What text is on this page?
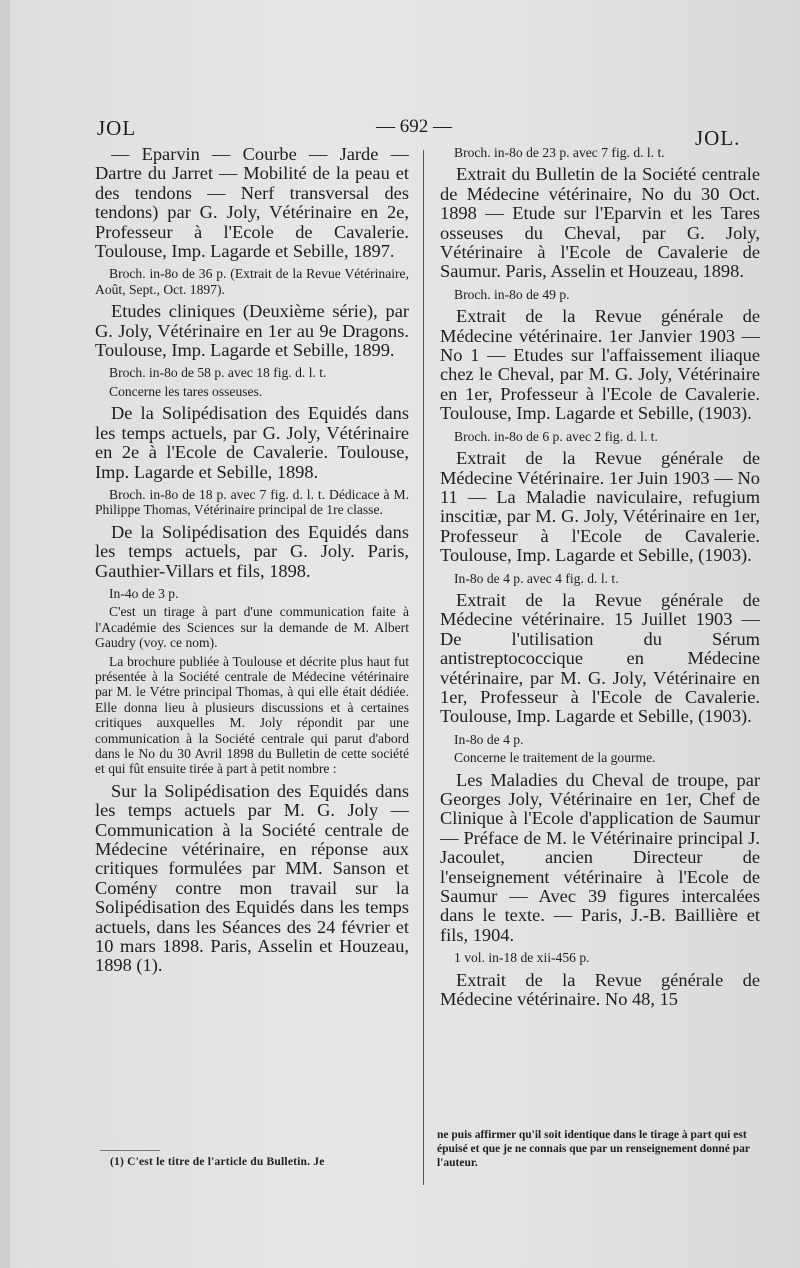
JOL	— 692 —	JOL.

— Eparvin — Courbe — Jarde — Dartre du Jarret — Mobilité de la peau et des tendons — Nerf transversal des tendons) par G. Joly, Vétérinaire en 2e, Professeur à l'Ecole de Cavalerie. Toulouse, Imp. Lagarde et Sebille, 1897.

Broch. in-8o de 36 p. (Extrait de la Revue Vétérinaire, Août, Sept., Oct. 1897).

Etudes cliniques (Deuxième série), par G. Joly, Vétérinaire en 1er au 9e Dragons. Toulouse, Imp. Lagarde et Sebille, 1899.

Broch. in-8o de 58 p. avec 18 fig. d. l. t.

Concerne les tares osseuses.

De la Solipédisation des Equidés dans les temps actuels, par G. Joly, Vétérinaire en 2e à l'Ecole de Cavalerie. Toulouse, Imp. Lagarde et Sebille, 1898.

Broch. in-8o de 18 p. avec 7 fig. d. l. t. Dédicace à M. Philippe Thomas, Vétérinaire principal de 1re classe.

De la Solipédisation des Equidés dans les temps actuels, par G. Joly. Paris, Gauthier-Villars et fils, 1898.

In-4o de 3 p.

C'est un tirage à part d'une communication faite à l'Académie des Sciences sur la demande de M. Albert Gaudry (voy. ce nom).

La brochure publiée à Toulouse et décrite plus haut fut présentée à la Société centrale de Médecine vétérinaire par M. le Vétre principal Thomas, à qui elle était dédiée. Elle donna lieu à plusieurs discussions et à certaines critiques auxquelles M. Joly répondit par une communication à la Société centrale qui parut d'abord dans le No du 30 Avril 1898 du Bulletin de cette société et qui fût ensuite tirée à part à petit nombre :

Sur la Solipédisation des Equidés dans les temps actuels par M. G. Joly — Communication à la Société centrale de Médecine vétérinaire, en réponse aux critiques formulées par MM. Sanson et Comény contre mon travail sur la Solipédisation des Equidés dans les temps actuels, dans les Séances des 24 février et 10 mars 1898. Paris, Asselin et Houzeau, 1898 (1).

Broch. in-8o de 23 p. avec 7 fig. d. l. t.

Extrait du Bulletin de la Société centrale de Médecine vétérinaire, No du 30 Oct. 1898 — Etude sur l'Eparvin et les Tares osseuses du Cheval, par G. Joly, Vétérinaire à l'Ecole de Cavalerie de Saumur. Paris, Asselin et Houzeau, 1898.

Broch. in-8o de 49 p.

Extrait de la Revue générale de Médecine vétérinaire. 1er Janvier 1903 — No 1 — Etudes sur l'affaissement iliaque chez le Cheval, par M. G. Joly, Vétérinaire en 1er, Professeur à l'Ecole de Cavalerie. Toulouse, Imp. Lagarde et Sebille, (1903).

Broch. in-8o de 6 p. avec 2 fig. d. l. t.

Extrait de la Revue générale de Médecine Vétérinaire. 1er Juin 1903 — No 11 — La Maladie naviculaire, refugium inscitiæ, par M. G. Joly, Vétérinaire en 1er, Professeur à l'Ecole de Cavalerie. Toulouse, Imp. Lagarde et Sebille, (1903).

In-8o de 4 p. avec 4 fig. d. l. t.

Extrait de la Revue générale de Médecine vétérinaire. 15 Juillet 1903 — De l'utilisation du Sérum antistreptococcique en Médecine vétérinaire, par M. G. Joly, Vétérinaire en 1er, Professeur à l'Ecole de Cavalerie. Toulouse, Imp. Lagarde et Sebille, (1903).

In-8o de 4 p.

Concerne le traitement de la gourme.

Les Maladies du Cheval de troupe, par Georges Joly, Vétérinaire en 1er, Chef de Clinique à l'Ecole d'application de Saumur — Préface de M. le Vétérinaire principal J. Jacoulet, ancien Directeur de l'enseignement vétérinaire à l'Ecole de Saumur — Avec 39 figures intercalées dans le texte. — Paris, J.-B. Baillière et fils, 1904.

1 vol. in-18 de xii-456 p.

Extrait de la Revue générale de Médecine vétérinaire. No 48, 15

(1) C'est le titre de l'article du Bulletin. Je
ne puis affirmer qu'il soit identique dans le tirage à part qui est épuisé et que je ne connais que par un renseignement donné par l'auteur.
